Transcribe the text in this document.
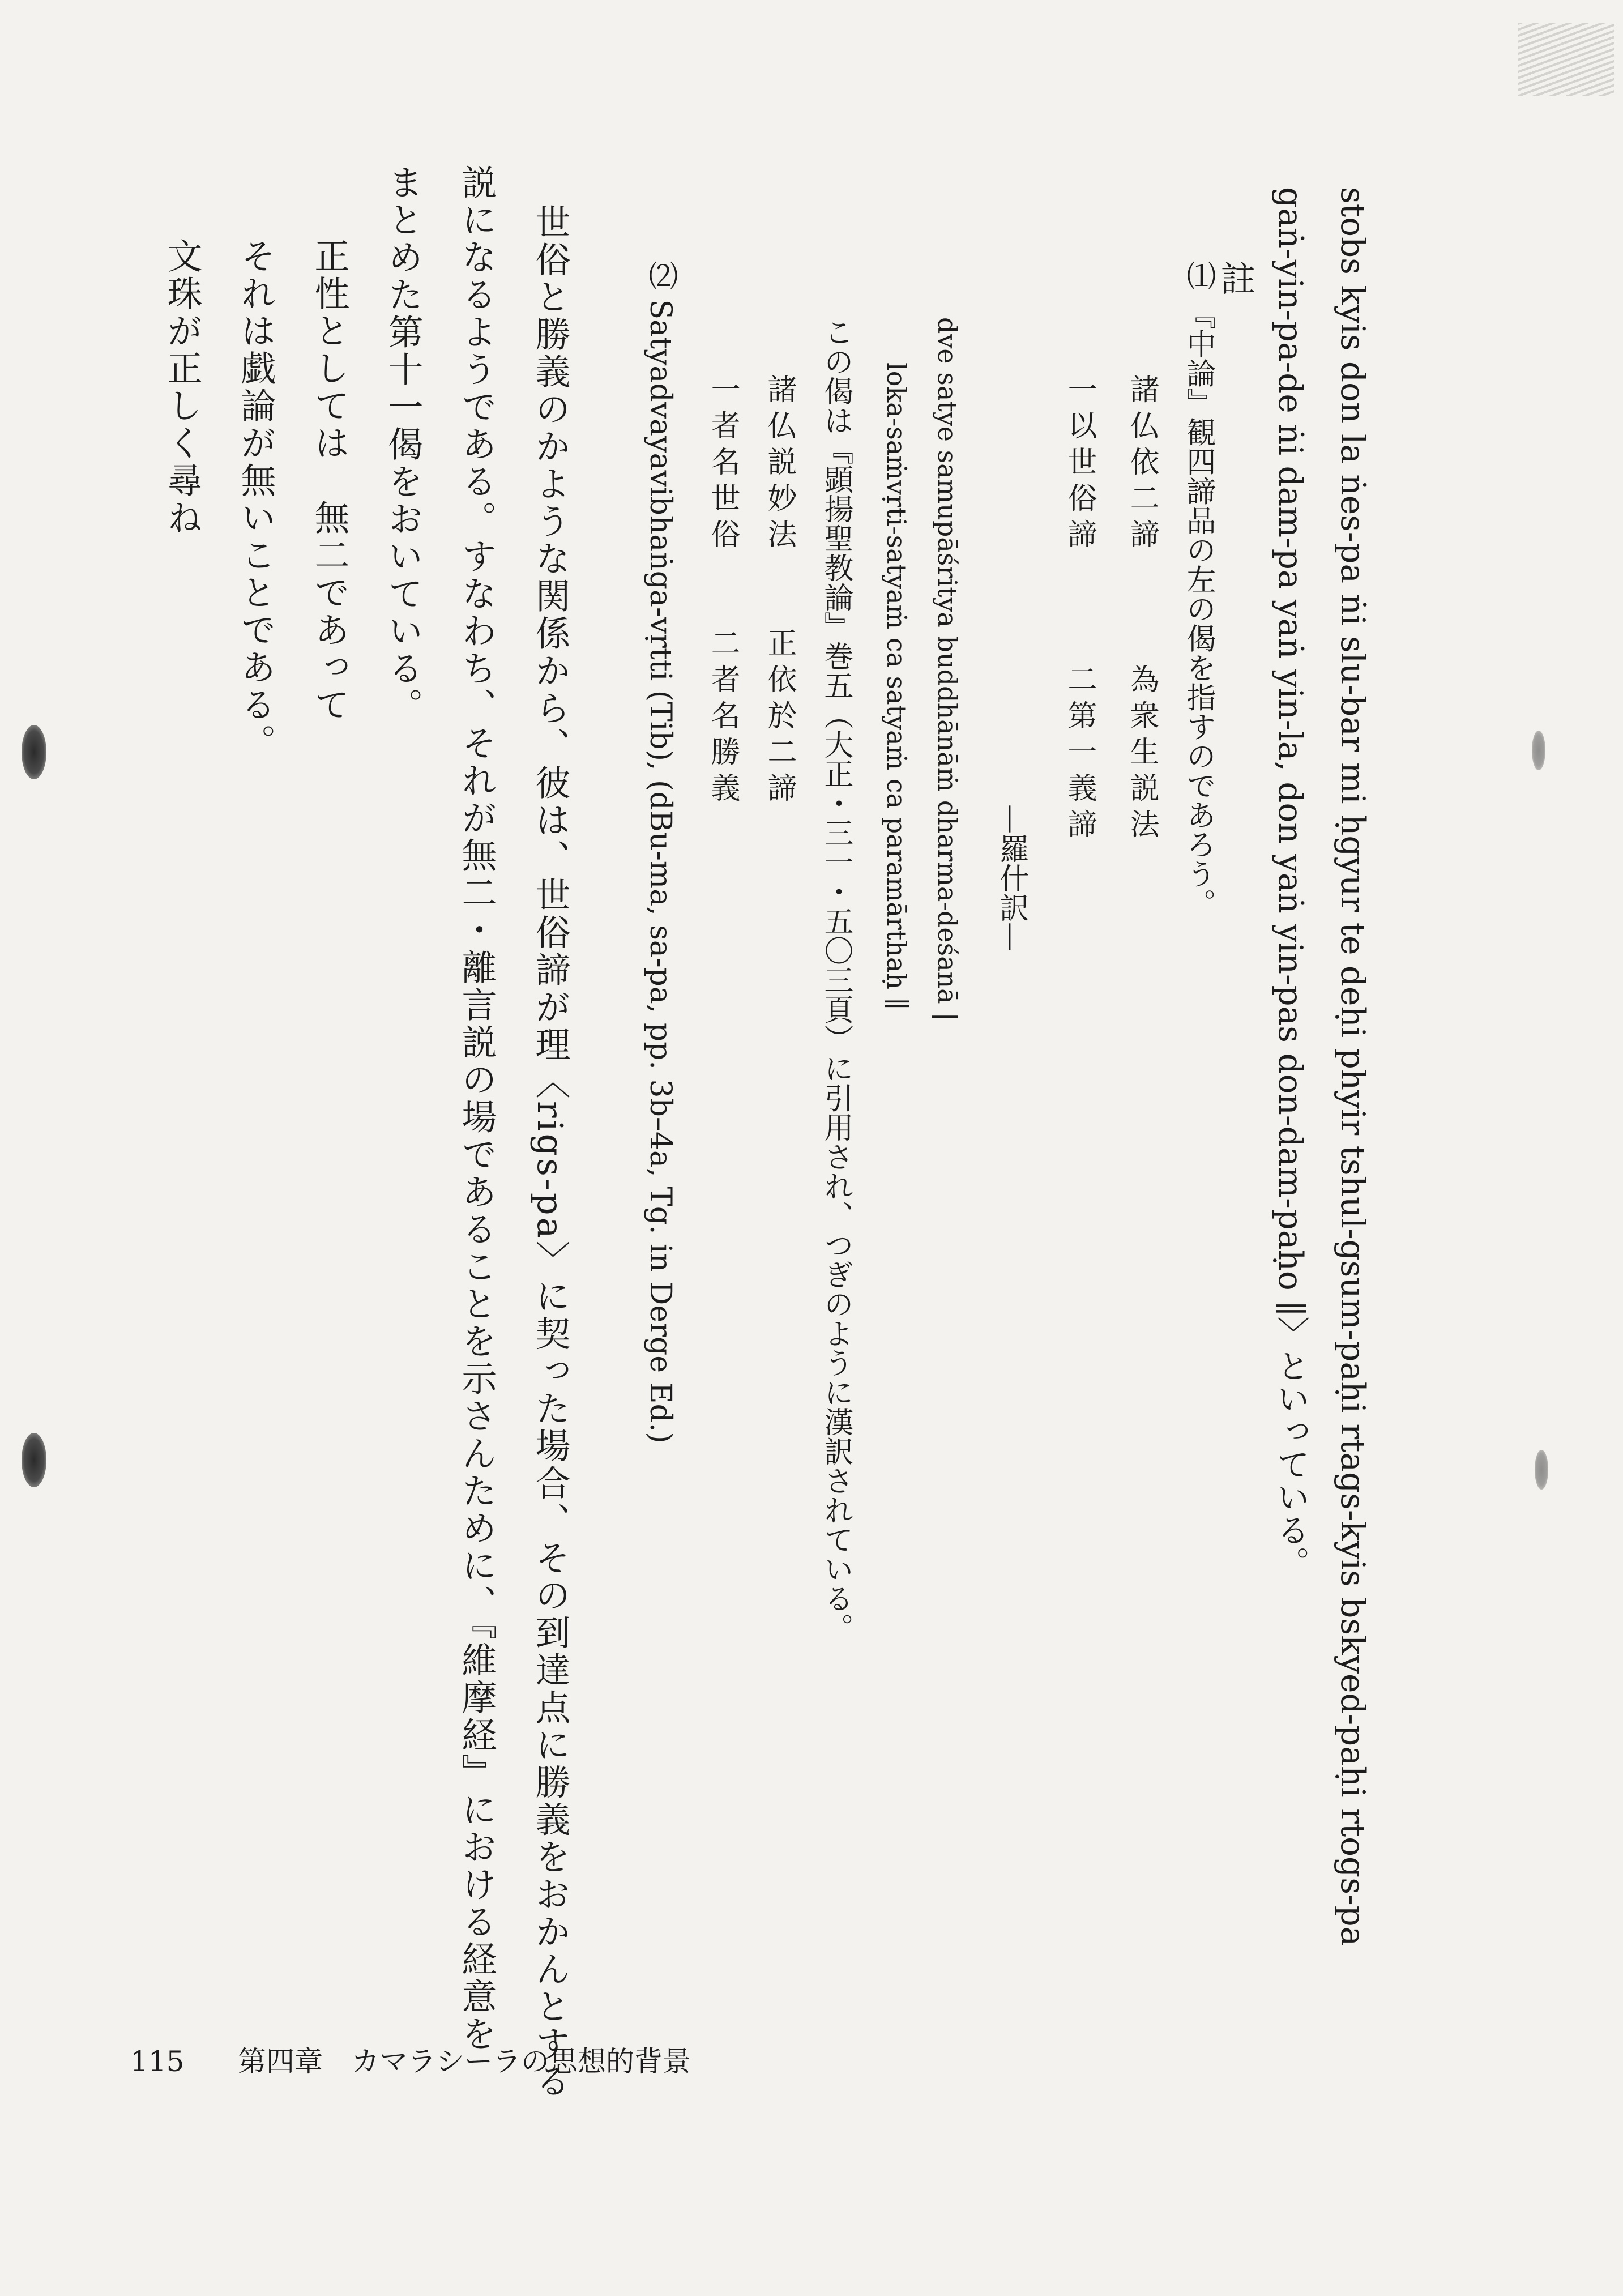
stobs kyis don la ṅes-pa ṅi slu-bar mi ḥgyur te deḥi phyir tshul-gsum-paḥi rtags-kyis bskyed-paḥi rtogs-pa
gaṅ-yin-pa-de ṅi dam-pa yaṅ yin-la, don yaṅ yin-pas don-dam-paḥo ∥〉といっている。
註
⑴ 『中論』観四諦品の左の偈を指すのであろう。
諸仏依二諦　　　為衆生説法
一以世俗諦　　　二第一義諦
—羅什訳—
dve satye samupāśritya buddhānāṁ dharma-deśanā |
loka-saṁvṛti-satyaṁ ca satyaṁ ca paramārthaḥ ∥
この偈は『顕揚聖教論』巻五（大正・三一・五〇三頁）に引用され、つぎのように漢訳されている。
諸仏説妙法　　正依於二諦
一者名世俗　　二者名勝義
⑵ Satyadvayavibhaṅga-vṛtti (Tib), (dBu-ma, sa-pa, pp. 3b–4a, Tg. in Derge Ed.)
世俗と勝義のかような関係から、彼は、世俗諦が理〈rigs-pa〉に契った場合、その到達点に勝義をおかんとする
説になるようである。すなわち、それが無二・離言説の場であることを示さんために、『維摩経』における経意を
まとめた第十一偈をおいている。
正性としては　無二であって
それは戯論が無いことである。
文珠が正しく尋ね
115 第四章　カマラシーラの思想的背景
